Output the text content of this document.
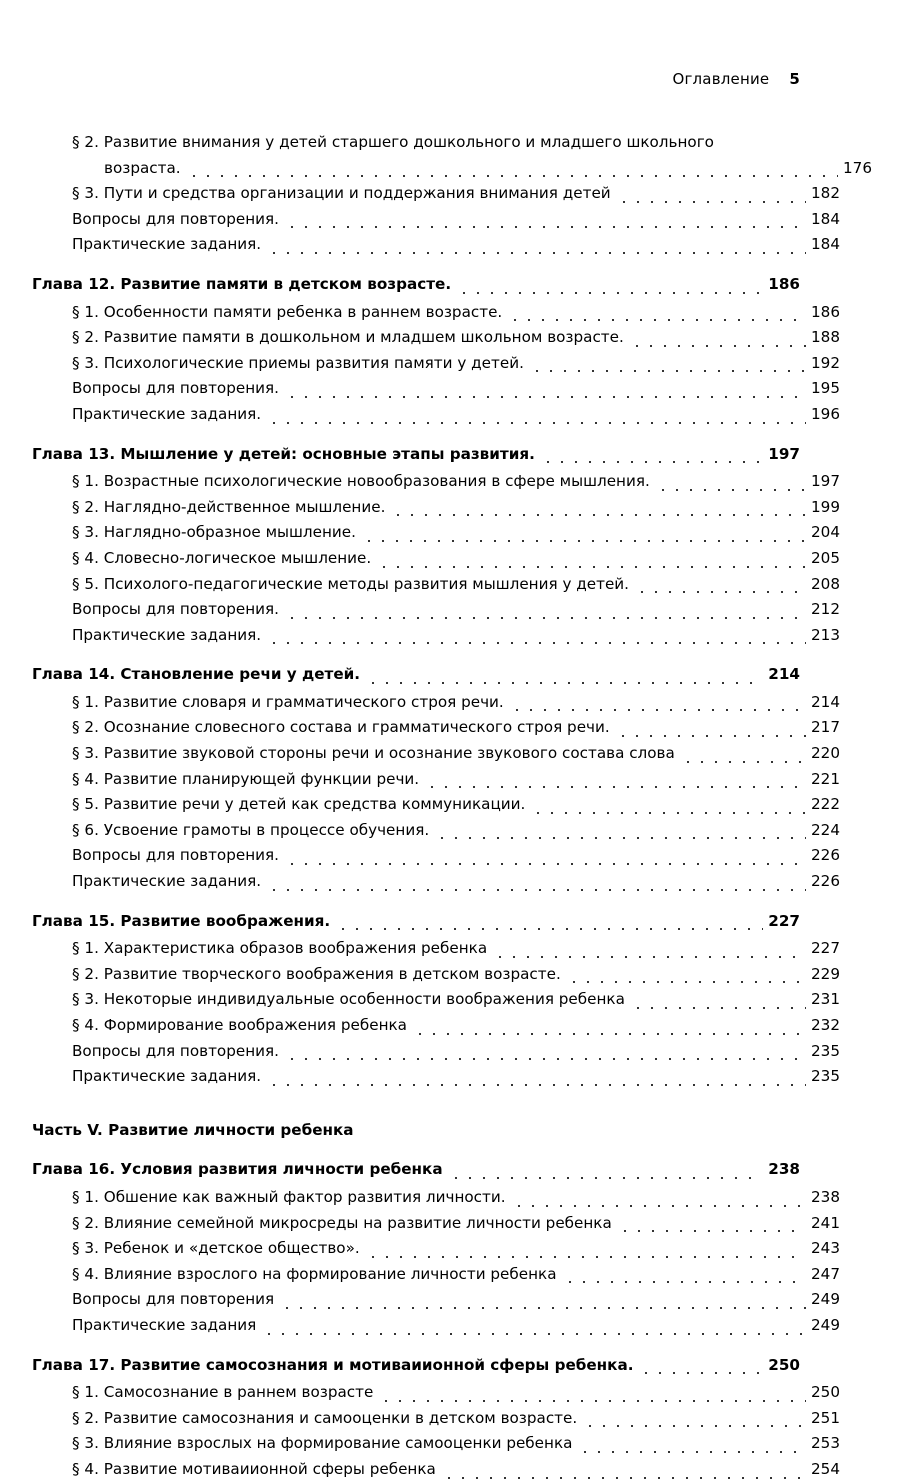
Оглавление 5
§ 2. Развитие внимания у детей старшего дошкольного и младшего школьного
возраста.	176
§ 3. Пути и средства организации и поддержания внимания детей	182
Вопросы для повторения.	184
Практические задания.	184
Глава 12. Развитие памяти в детском возрасте.	186
§ 1. Особенности памяти ребенка в раннем возрасте.	186
§ 2. Развитие памяти в дошкольном и младшем школьном возрасте.	188
§ 3. Психологические приемы развития памяти у детей.	192
Вопросы для повторения.	195
Практические задания.	196
Глава 13. Мышление у детей: основные этапы развития.	197
§ 1. Возрастные психологические новообразования в сфере мышления.	197
§ 2. Наглядно-действенное мышление.	199
§ 3. Наглядно-образное мышление.	204
§ 4. Словесно-логическое мышление.	205
§ 5. Психолого-педагогические методы развития мышления у детей.	208
Вопросы для повторения.	212
Практические задания.	213
Глава 14. Становление речи у детей.	214
§ 1. Развитие словаря и грамматического строя речи.	214
§ 2. Осознание словесного состава и грамматического строя речи.	217
§ 3. Развитие звуковой стороны речи и осознание звукового состава слова	220
§ 4. Развитие планирующей функции речи.	221
§ 5. Развитие речи у детей как средства коммуникации.	222
§ 6. Усвоение грамоты в процессе обучения.	224
Вопросы для повторения.	226
Практические задания.	226
Глава 15. Развитие воображения.	227
§ 1. Характеристика образов воображения ребенка	227
§ 2. Развитие творческого воображения в детском возрасте.	229
§ 3. Некоторые индивидуальные особенности воображения ребенка	231
§ 4. Формирование воображения ребенка	232
Вопросы для повторения.	235
Практические задания.	235
Часть V. Развитие личности ребенка
Глава 16. Условия развития личности ребенка	238
§ 1. Обшение как важный фактор развития личности.	238
§ 2. Влияние семейной микросреды на развитие личности ребенка	241
§ 3. Ребенок и «детское общество».	243
§ 4. Влияние взрослого на формирование личности ребенка	247
Вопросы для повторения	249
Практические задания	249
Глава 17. Развитие самосознания и мотиваиионной сферы ребенка.	250
§ 1. Самосознание в раннем возрасте	250
§ 2. Развитие самосознания и самооценки в детском возрасте.	251
§ 3. Влияние взрослых на формирование самооценки ребенка	253
§ 4. Развитие мотиваиионной сферы ребенка	254
